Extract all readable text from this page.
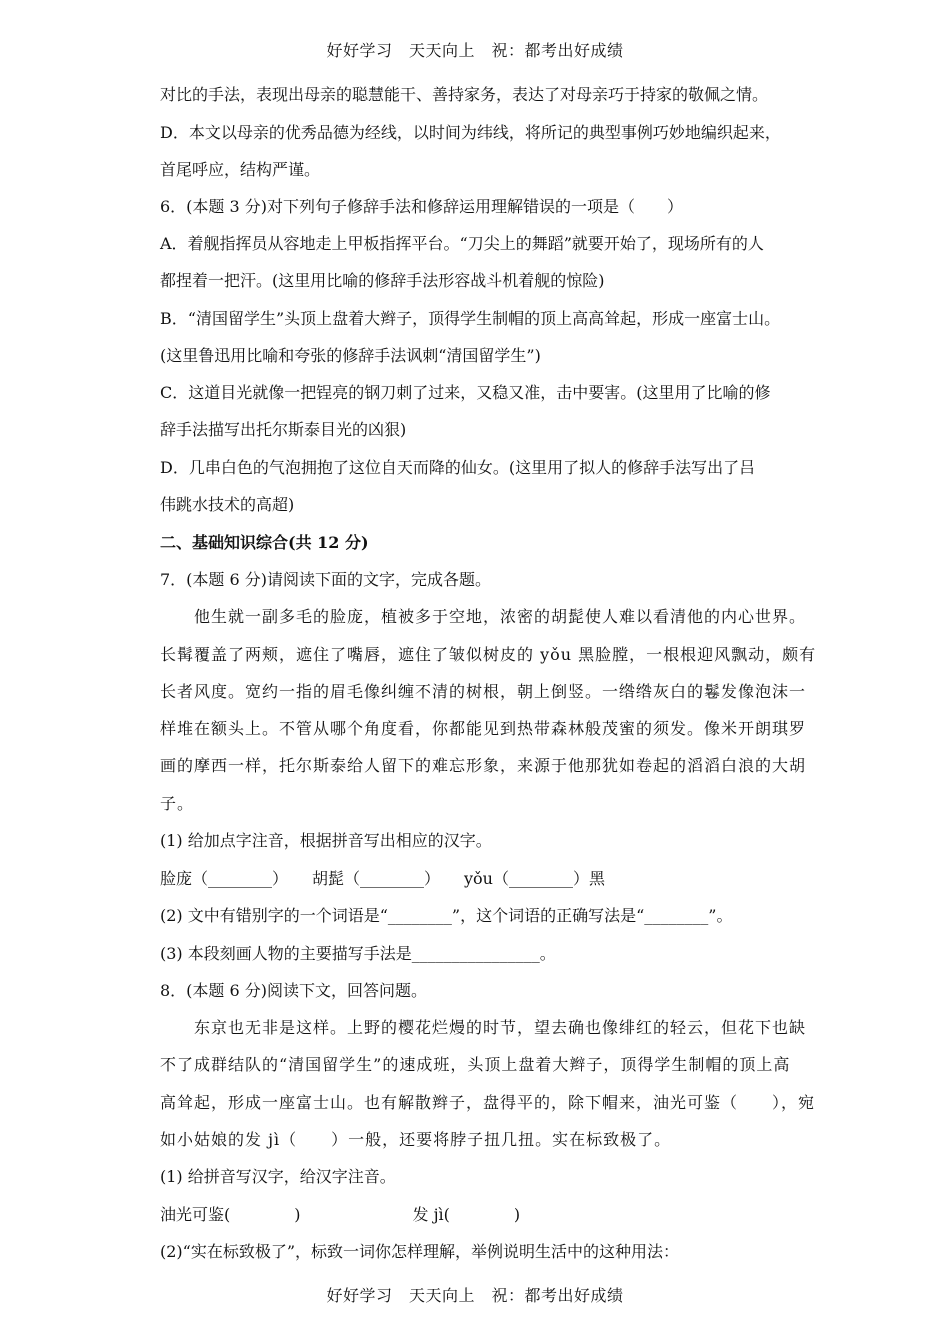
好好学习　天天向上　祝：都考出好成绩
对比的手法，表现出母亲的聪慧能干、善持家务，表达了对母亲巧于持家的敬佩之情。
D．本文以母亲的优秀品德为经线，以时间为纬线，将所记的典型事例巧妙地编织起来，
首尾呼应，结构严谨。
6．(本题 3 分)对下列句子修辞手法和修辞运用理解错误的一项是（　　）
A．着舰指挥员从容地走上甲板指挥平台。“刀尖上的舞蹈”就要开始了，现场所有的人
都捏着一把汗。(这里用比喻的修辞手法形容战斗机着舰的惊险)
B．“清国留学生”头顶上盘着大辫子，顶得学生制帽的顶上高高耸起，形成一座富士山。
(这里鲁迅用比喻和夸张的修辞手法讽刺“清国留学生”)
C．这道目光就像一把锃亮的钢刀刺了过来，又稳又准，击中要害。(这里用了比喻的修
辞手法描写出托尔斯泰目光的凶狠)
D．几串白色的气泡拥抱了这位自天而降的仙女。(这里用了拟人的修辞手法写出了吕
伟跳水技术的高超)
二、基础知识综合(共 12 分)
7．(本题 6 分)请阅读下面的文字，完成各题。
　　他生就一副多毛的脸庞，植被多于空地，浓密的胡髭使人难以看清他的内心世界。
长髯覆盖了两颊，遮住了嘴唇，遮住了皱似树皮的 yǒu 黑脸膛，一根根迎风飘动，颇有
长者风度。宽约一指的眉毛像纠缠不清的树根，朝上倒竖。一绺绺灰白的鬈发像泡沫一
样堆在额头上。不管从哪个角度看，你都能见到热带森林般茂蜜的须发。像米开朗琪罗
画的摩西一样，托尔斯泰给人留下的难忘形象，来源于他那犹如卷起的滔滔白浪的大胡
子。
(1) 给加点字注音，根据拼音写出相应的汉字。
脸庞（________）　　胡髭（________）　　yǒu（________）黑
(2) 文中有错别字的一个词语是“________”，这个词语的正确写法是“________”。
(3) 本段刻画人物的主要描写手法是________________。
8．(本题 6 分)阅读下文，回答问题。
　　东京也无非是这样。上野的樱花烂熳的时节，望去确也像绯红的轻云，但花下也缺
不了成群结队的“清国留学生”的速成班，头顶上盘着大辫子，顶得学生制帽的顶上高
高耸起，形成一座富士山。也有解散辫子，盘得平的，除下帽来，油光可鉴（　　），宛
如小姑娘的发 jì（　　）一般，还要将脖子扭几扭。实在标致极了。
(1) 给拼音写汉字，给汉字注音。
油光可鉴(　　　　)　　　　　　　发 jì(　　　　)
(2)“实在标致极了”，标致一词你怎样理解，举例说明生活中的这种用法：
好好学习　天天向上　祝：都考出好成绩
